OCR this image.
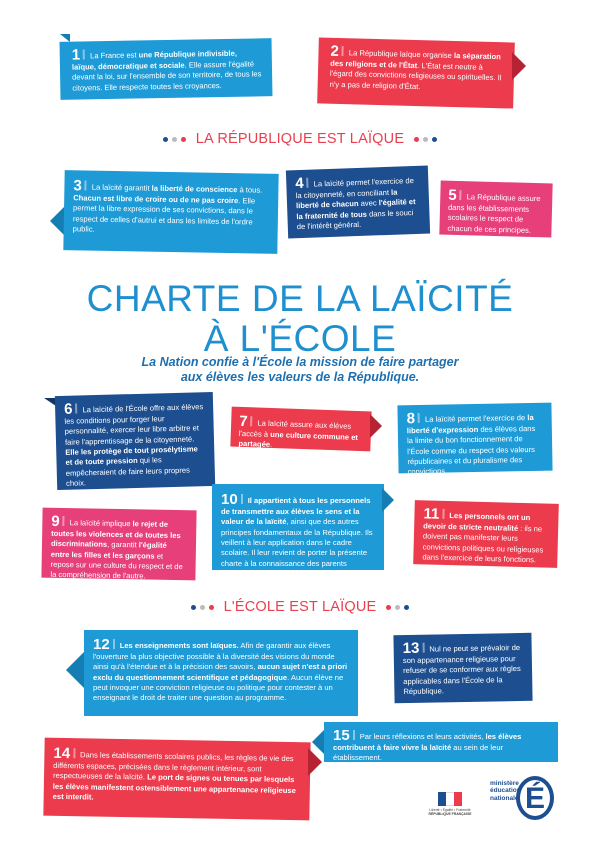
1 La France est une République indivisible, laïque, démocratique et sociale. Elle assure l'égalité devant la loi, sur l'ensemble de son territoire, de tous les citoyens. Elle respecte toutes les croyances.
2 La République laïque organise la séparation des religions et de l'État. L'État est neutre à l'égard des convictions religieuses ou spirituelles. Il n'y a pas de religion d'État.
LA RÉPUBLIQUE EST LAÏQUE
3 La laïcité garantit la liberté de conscience à tous. Chacun est libre de croire ou de ne pas croire. Elle permet la libre expression de ses convictions, dans le respect de celles d'autrui et dans les limites de l'ordre public.
4 La laïcité permet l'exercice de la citoyenneté, en conciliant la liberté de chacun avec l'égalité et la fraternité de tous dans le souci de l'intérêt général.
5 La République assure dans les établissements scolaires le respect de chacun de ces principes.
CHARTE DE LA LAÏCITÉ
À L'ÉCOLE
La Nation confie à l'École la mission de faire partager
aux élèves les valeurs de la République.
6 La laïcité de l'École offre aux élèves les conditions pour forger leur personnalité, exercer leur libre arbitre et faire l'apprentissage de la citoyenneté. Elle les protège de tout prosélytisme et de toute pression qui les empêcheraient de faire leurs propres choix.
7 La laïcité assure aux élèves l'accès à une culture commune et partagée.
8 La laïcité permet l'exercice de la liberté d'expression des élèves dans la limite du bon fonctionnement de l'École comme du respect des valeurs républicaines et du pluralisme des convictions.
9 La laïcité implique le rejet de toutes les violences et de toutes les discriminations, garantit l'égalité entre les filles et les garçons et repose sur une culture du respect et de la compréhension de l'autre.
10 Il appartient à tous les personnels de transmettre aux élèves le sens et la valeur de la laïcité, ainsi que des autres principes fondamentaux de la République. Ils veillent à leur application dans le cadre scolaire. Il leur revient de porter la présente charte à la connaissance des parents d'élèves.
11 Les personnels ont un devoir de stricte neutralité : ils ne doivent pas manifester leurs convictions politiques ou religieuses dans l'exercice de leurs fonctions.
L'ÉCOLE EST LAÏQUE
12 Les enseignements sont laïques. Afin de garantir aux élèves l'ouverture la plus objective possible à la diversité des visions du monde ainsi qu'à l'étendue et à la précision des savoirs, aucun sujet n'est a priori exclu du questionnement scientifique et pédagogique. Aucun élève ne peut invoquer une conviction religieuse ou politique pour contester à un enseignant le droit de traiter une question au programme.
13 Nul ne peut se prévaloir de son appartenance religieuse pour refuser de se conformer aux règles applicables dans l'École de la République.
14 Dans les établissements scolaires publics, les règles de vie des différents espaces, précisées dans le règlement intérieur, sont respectueuses de la laïcité. Le port de signes ou tenues par lesquels les élèves manifestent ostensiblement une appartenance religieuse est interdit.
15 Par leurs réflexions et leurs activités, les élèves contribuent à faire vivre la laïcité au sein de leur établissement.
Liberté • Égalité • Fraternité
RÉPUBLIQUE FRANÇAISE
ministère
éducation
nationale É
